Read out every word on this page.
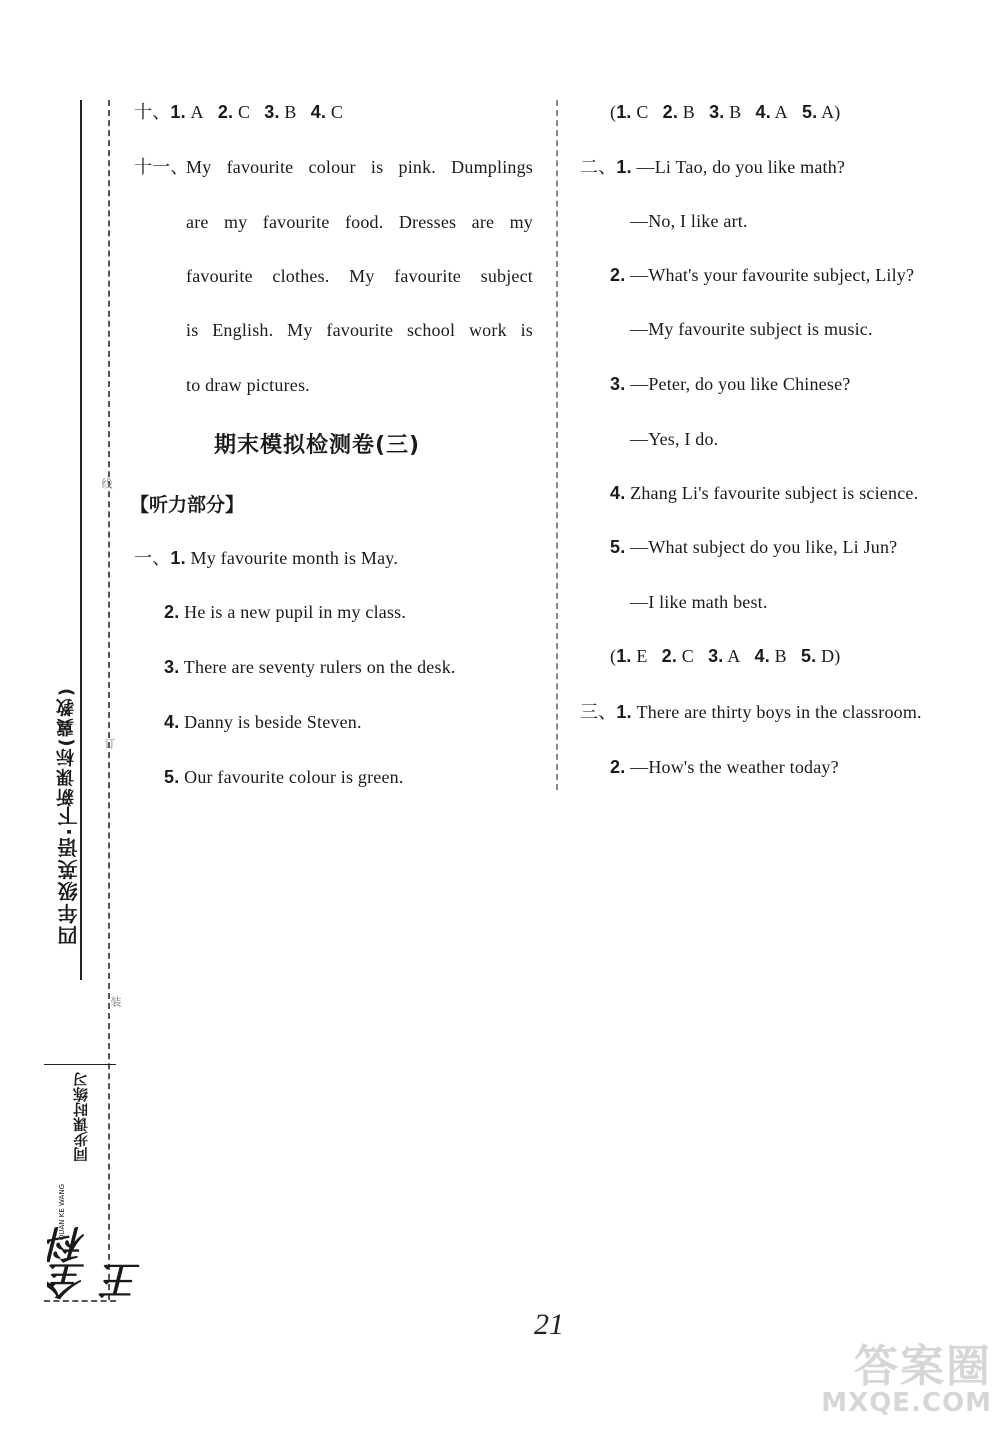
线
订
装
新课标(冀教)
四年级英语·下
全科王
同步课时练习
QUAN KE WANG
十、1. A 2. C 3. B 4. C
十一、
My favourite colour is pink. Dumplings
are my favourite food. Dresses are my
favourite clothes. My favourite subject
is English. My favourite school work is
to draw pictures.
期末模拟检测卷(三)
【听力部分】
一、1. My favourite month is May.
2. He is a new pupil in my class.
3. There are seventy rulers on the desk.
4. Danny is beside Steven.
5. Our favourite colour is green.
(1. C 2. B 3. B 4. A 5. A)
二、1. —Li Tao, do you like math?
—No, I like art.
2. —What's your favourite subject, Lily?
—My favourite subject is music.
3. —Peter, do you like Chinese?
—Yes, I do.
4. Zhang Li's favourite subject is science.
5. —What subject do you like, Li Jun?
—I like math best.
(1. E 2. C 3. A 4. B 5. D)
三、1. There are thirty boys in the classroom.
2. —How's the weather today?
21
答案圈
MXQE.COM
